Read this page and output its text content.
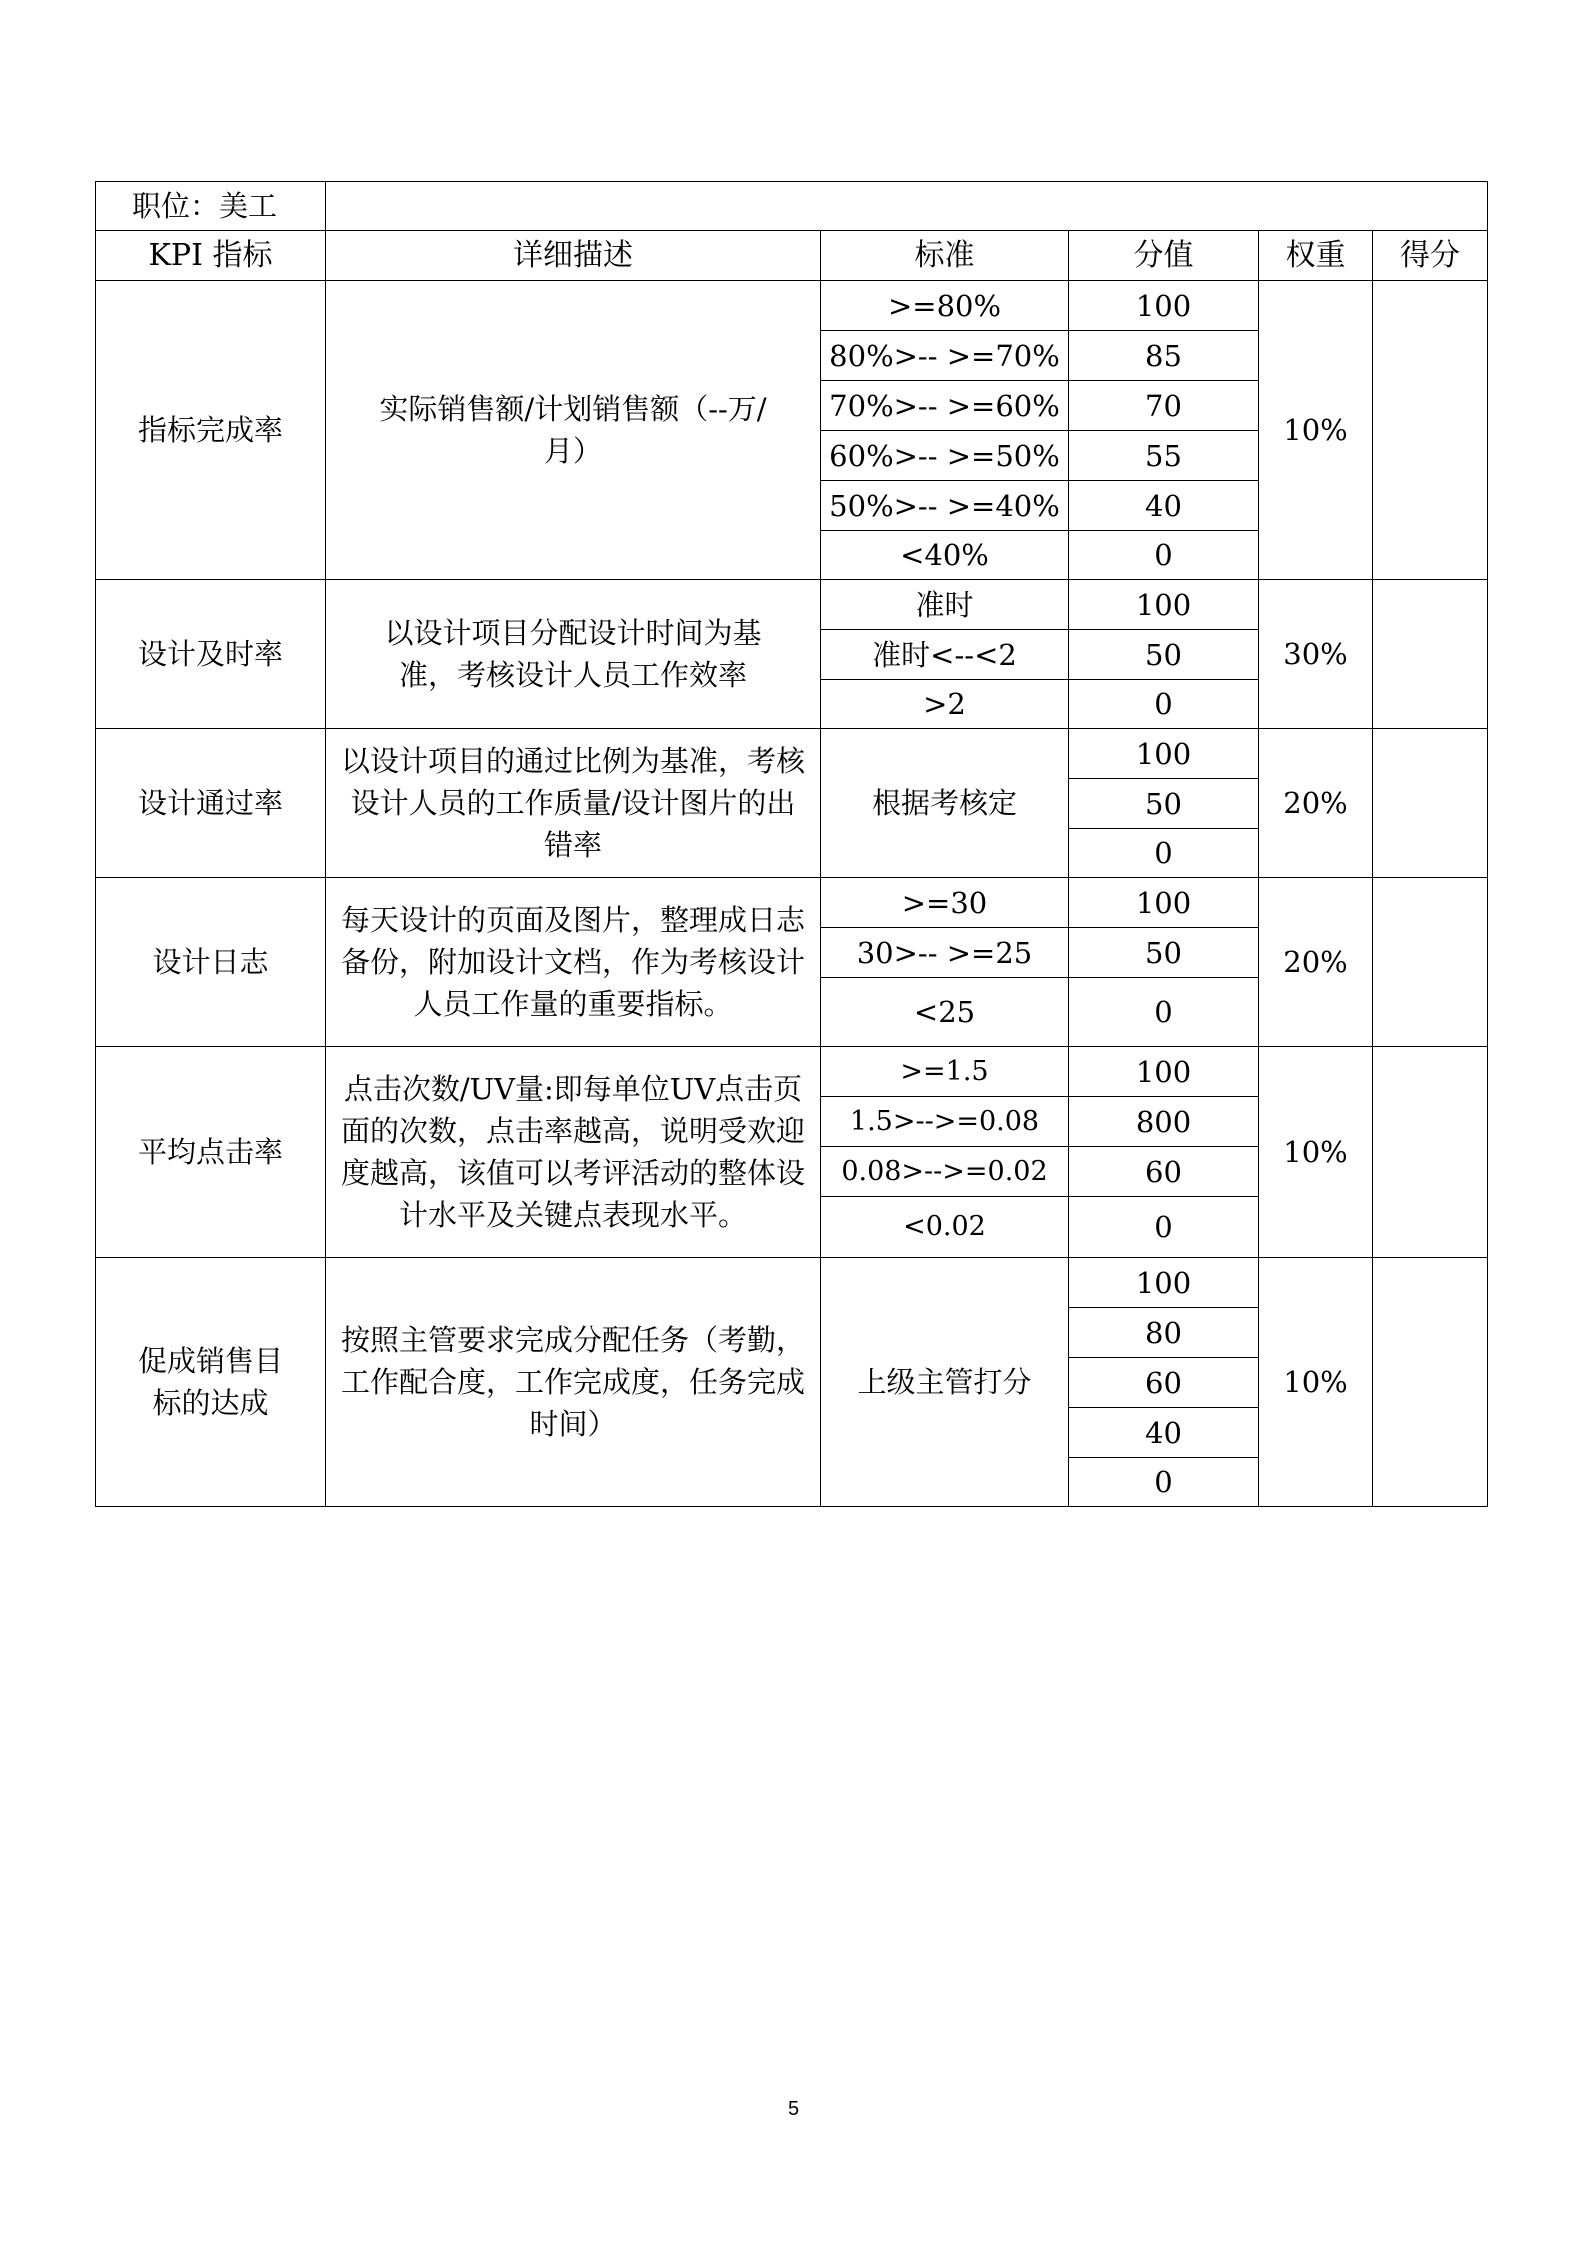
职位：美工					
KPI 指标	详细描述	标准	分值	权重	得分
指标完成率	实际销售额/计划销售额（--万/月）	>=80%	100	10%	
		80%>-- >=70%	85		
		70%>-- >=60%	70		
		60%>-- >=50%	55		
		50%>-- >=40%	40		
		<40%	0		
设计及时率	以设计项目分配设计时间为基准，考核设计人员工作效率	准时	100	30%	
		准时<--<2	50		
		>2	0		
设计通过率	以设计项目的通过比例为基准，考核设计人员的工作质量/设计图片的出错率	根据考核定	100	20%	
			50		
			0		
设计日志	每天设计的页面及图片，整理成日志备份，附加设计文档，作为考核设计人员工作量的重要指标。	>=30	100	20%	
		30>-- >=25	50		
		<25	0		
平均点击率	点击次数/UV量:即每单位UV点击页面的次数，点击率越高，说明受欢迎度越高，该值可以考评活动的整体设计水平及关键点表现水平。	>=1.5	100	10%	
		1.5>-->=0.08	800		
		0.08>-->=0.02	60		
		<0.02	0		

促成销售目标的达成	按照主管要求完成分配任务（考勤，工作配合度，工作完成度，任务完成时间）	上级主管打分	100	10%	
			80		
			60		
			40		
			0		
5
